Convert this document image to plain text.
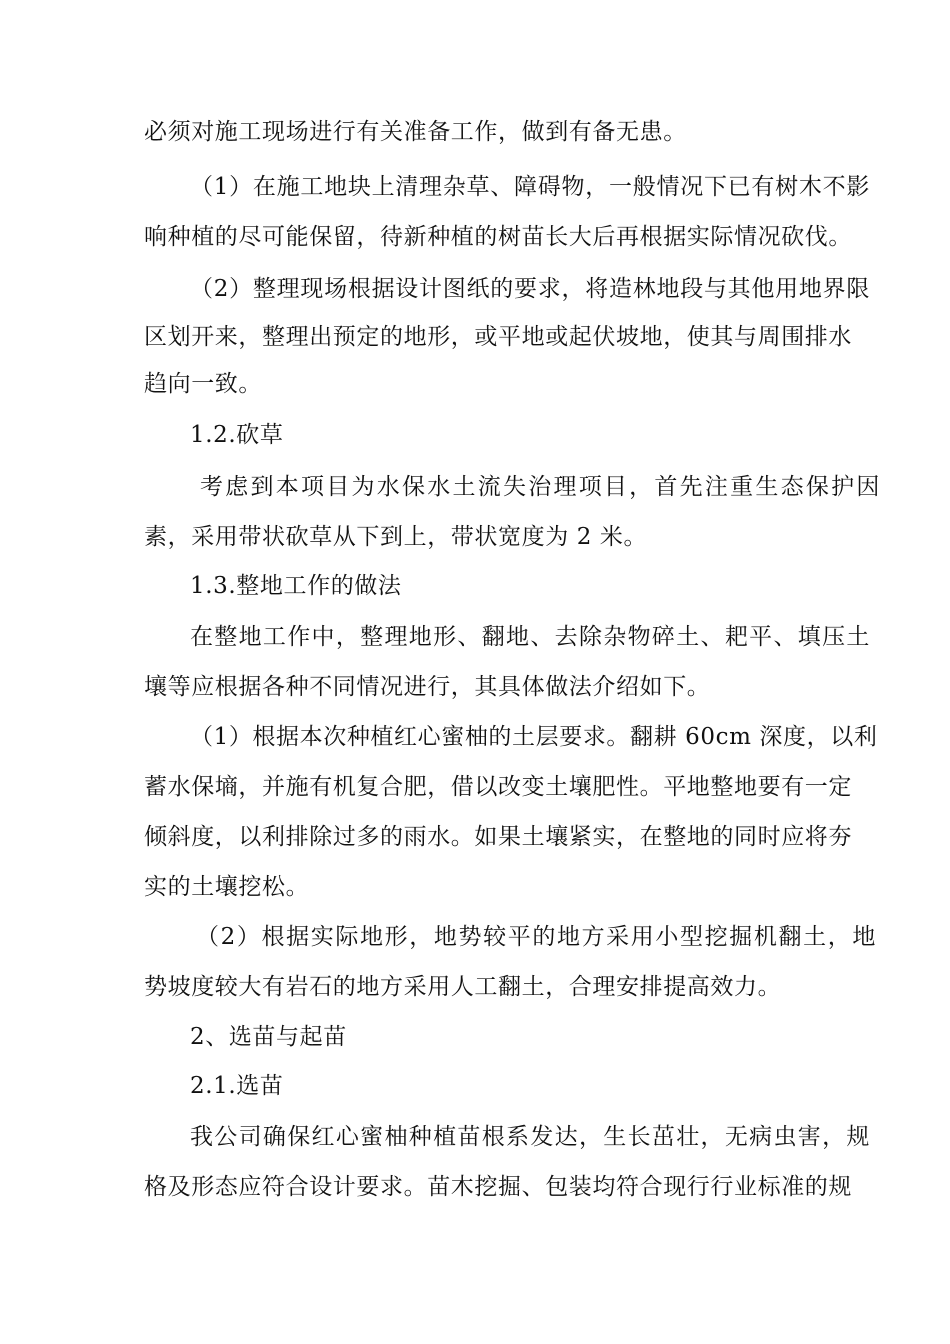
必须对施工现场进行有关准备工作，做到有备无患。
（1）在施工地块上清理杂草、障碍物，一般情况下已有树木不影
响种植的尽可能保留，待新种植的树苗长大后再根据实际情况砍伐。
（2）整理现场根据设计图纸的要求，将造林地段与其他用地界限
区划开来，整理出预定的地形，或平地或起伏坡地，使其与周围排水
趋向一致。
1.2.砍草
考虑到本项目为水保水土流失治理项目，首先注重生态保护因
素，采用带状砍草从下到上，带状宽度为 2 米。
1.3.整地工作的做法
在整地工作中，整理地形、翻地、去除杂物碎土、耙平、填压土
壤等应根据各种不同情况进行，其具体做法介绍如下。
（1）根据本次种植红心蜜柚的土层要求。翻耕 60cm 深度，以利
蓄水保墒，并施有机复合肥，借以改变土壤肥性。平地整地要有一定
倾斜度，以利排除过多的雨水。如果土壤紧实，在整地的同时应将夯
实的土壤挖松。
（2）根据实际地形，地势较平的地方采用小型挖掘机翻土，地
势坡度较大有岩石的地方采用人工翻土，合理安排提高效力。
2、选苗与起苗
2.1.选苗
我公司确保红心蜜柚种植苗根系发达，生长茁壮，无病虫害，规
格及形态应符合设计要求。苗木挖掘、包装均符合现行行业标准的规
